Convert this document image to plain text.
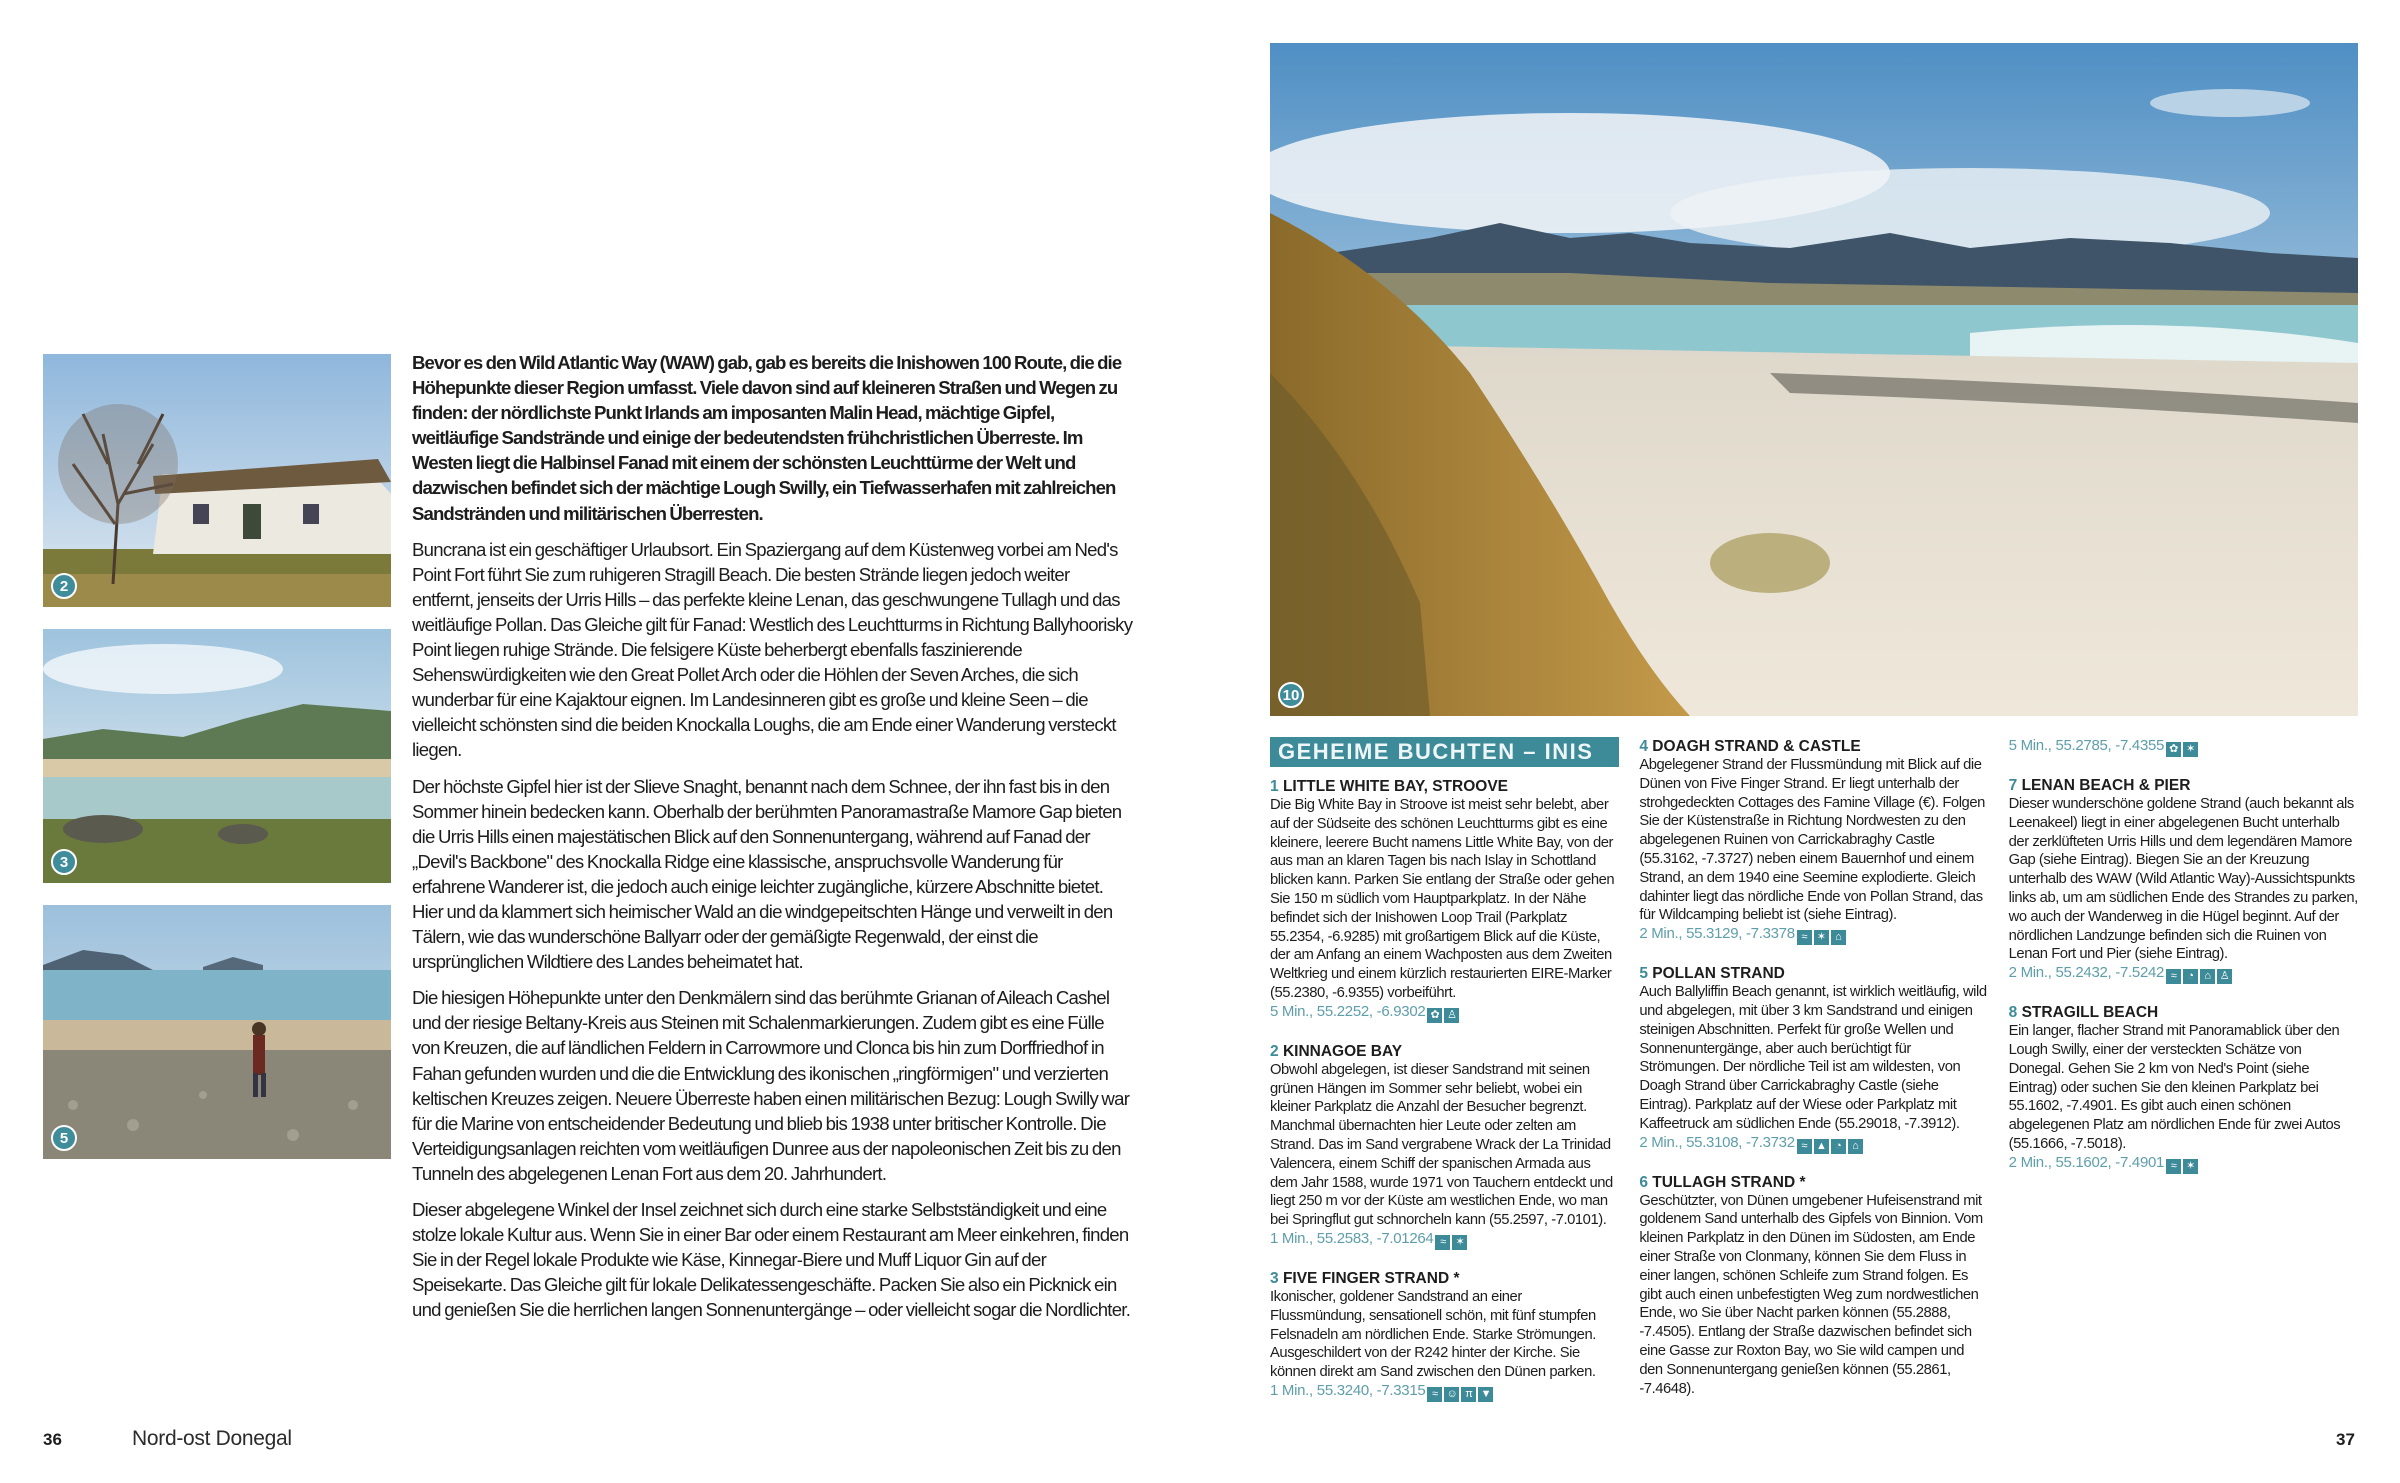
2
3
5

Bevor es den Wild Atlantic Way (WAW) gab, gab es bereits die Inishowen 100 Route, die die Höhepunkte dieser Region umfasst. Viele davon sind auf kleineren Straßen und Wegen zu finden: der nördlichste Punkt Irlands am imposanten Malin Head, mächtige Gipfel, weitläufige Sandstrände und einige der bedeutendsten frühchristlichen Überreste. Im Westen liegt die Halbinsel Fanad mit einem der schönsten Leuchttürme der Welt und dazwischen befindet sich der mächtige Lough Swilly, ein Tiefwasserhafen mit zahlreichen Sandstränden und militärischen Überresten.

Buncrana ist ein geschäftiger Urlaubsort. Ein Spaziergang auf dem Küstenweg vorbei am Ned's Point Fort führt Sie zum ruhigeren Stragill Beach. Die besten Strände liegen jedoch weiter entfernt, jenseits der Urris Hills – das perfekte kleine Lenan, das geschwungene Tullagh und das weitläufige Pollan. Das Gleiche gilt für Fanad: Westlich des Leuchtturms in Richtung Ballyhoorisky Point liegen ruhige Strände. Die felsigere Küste beherbergt ebenfalls faszinierende Sehenswürdigkeiten wie den Great Pollet Arch oder die Höhlen der Seven Arches, die sich wunderbar für eine Kajaktour eignen. Im Landesinneren gibt es große und kleine Seen – die vielleicht schönsten sind die beiden Knockalla Loughs, die am Ende einer Wanderung versteckt liegen.

Der höchste Gipfel hier ist der Slieve Snaght, benannt nach dem Schnee, der ihn fast bis in den Sommer hinein bedecken kann. Oberhalb der berühmten Panoramastraße Mamore Gap bieten die Urris Hills einen majestätischen Blick auf den Sonnenuntergang, während auf Fanad der „Devil's Backbone" des Knockalla Ridge eine klassische, anspruchsvolle Wanderung für erfahrene Wanderer ist, die jedoch auch einige leichter zugängliche, kürzere Abschnitte bietet. Hier und da klammert sich heimischer Wald an die windgepeitschten Hänge und verweilt in den Tälern, wie das wunderschöne Ballyarr oder der gemäßigte Regenwald, der einst die ursprünglichen Wildtiere des Landes beheimatet hat.

Die hiesigen Höhepunkte unter den Denkmälern sind das berühmte Grianan of Aileach Cashel und der riesige Beltany-Kreis aus Steinen mit Schalenmarkierungen. Zudem gibt es eine Fülle von Kreuzen, die auf ländlichen Feldern in Carrowmore und Clonca bis hin zum Dorffriedhof in Fahan gefunden wurden und die die Entwicklung des ikonischen „ringförmigen" und verzierten keltischen Kreuzes zeigen. Neuere Überreste haben einen militärischen Bezug: Lough Swilly war für die Marine von entscheidender Bedeutung und blieb bis 1938 unter britischer Kontrolle. Die Verteidigungsanlagen reichten vom weitläufigen Dunree aus der napoleonischen Zeit bis zu den Tunneln des abgelegenen Lenan Fort aus dem 20. Jahrhundert.

Dieser abgelegene Winkel der Insel zeichnet sich durch eine starke Selbstständigkeit und eine stolze lokale Kultur aus. Wenn Sie in einer Bar oder einem Restaurant am Meer einkehren, finden Sie in der Regel lokale Produkte wie Käse, Kinnegar-Biere und Muff Liquor Gin auf der Speisekarte. Das Gleiche gilt für lokale Delikatessengeschäfte. Packen Sie also ein Picknick ein und genießen Sie die herrlichen langen Sonnenuntergänge – oder vielleicht sogar die Nordlichter.

10
GEHEIME BUCHTEN – INIS
1 LITTLE WHITE BAY, STROOVE

Die Big White Bay in Stroove ist meist sehr belebt, aber auf der Südseite des schönen Leuchtturms gibt es eine kleinere, leerere Bucht namens Little White Bay, von der aus man an klaren Tagen bis nach Islay in Schottland blicken kann. Parken Sie entlang der Straße oder gehen Sie 150 m südlich vom Hauptparkplatz. In der Nähe befindet sich der Inishowen Loop Trail (Parkplatz 55.2354, -6.9285) mit großartigem Blick auf die Küste, der am Anfang an einem Wachposten aus dem Zweiten Weltkrieg und einem kürzlich restaurierten EIRE-Marker (55.2380, -6.9355) vorbeiführt.

5 Min., 55.2252, -6.9302 ✿ ♙
2 KINNAGOE BAY

Obwohl abgelegen, ist dieser Sandstrand mit seinen grünen Hängen im Sommer sehr beliebt, wobei ein kleiner Parkplatz die Anzahl der Besucher begrenzt. Manchmal übernachten hier Leute oder zelten am Strand. Das im Sand vergrabene Wrack der La Trinidad Valencera, einem Schiff der spanischen Armada aus dem Jahr 1588, wurde 1971 von Tauchern entdeckt und liegt 250 m vor der Küste am westlichen Ende, wo man bei Springflut gut schnorcheln kann (55.2597, -7.0101).

1 Min., 55.2583, -7.01264 ≈ ✶
3 FIVE FINGER STRAND *

Ikonischer, goldener Sandstrand an einer Flussmündung, sensationell schön, mit fünf stumpfen Felsnadeln am nördlichen Ende. Starke Strömungen. Ausgeschildert von der R242 hinter der Kirche. Sie können direkt am Sand zwischen den Dünen parken.

1 Min., 55.3240, -7.3315 ≈ ☺ π ▼
4 DOAGH STRAND & CASTLE

Abgelegener Strand der Flussmündung mit Blick auf die Dünen von Five Finger Strand. Er liegt unterhalb der strohgedeckten Cottages des Famine Village (€). Folgen Sie der Küstenstraße in Richtung Nordwesten zu den abgelegenen Ruinen von Carrickabraghy Castle (55.3162, -7.3727) neben einem Bauernhof und einem Strand, an dem 1940 eine Seemine explodierte. Gleich dahinter liegt das nördliche Ende von Pollan Strand, das für Wildcamping beliebt ist (siehe Eintrag).

2 Min., 55.3129, -7.3378 ≈ ✶ ⌂
5 POLLAN STRAND

Auch Ballyliffin Beach genannt, ist wirklich weitläufig, wild und abgelegen, mit über 3 km Sandstrand und einigen steinigen Abschnitten. Perfekt für große Wellen und Sonnenuntergänge, aber auch berüchtigt für Strömungen. Der nördliche Teil ist am wildesten, von Doagh Strand über Carrickabraghy Castle (siehe Eintrag). Parkplatz auf der Wiese oder Parkplatz mit Kaffeetruck am südlichen Ende (55.29018, -7.3912).

2 Min., 55.3108, -7.3732 ≈ ▲ ◔ ⌂
6 TULLAGH STRAND *

Geschützter, von Dünen umgebener Hufeisenstrand mit goldenem Sand unterhalb des Gipfels von Binnion. Vom kleinen Parkplatz in den Dünen im Südosten, am Ende einer Straße von Clonmany, können Sie dem Fluss in einer langen, schönen Schleife zum Strand folgen. Es gibt auch einen unbefestigten Weg zum nordwestlichen Ende, wo Sie über Nacht parken können (55.2888, -7.4505). Entlang der Straße dazwischen befindet sich eine Gasse zur Roxton Bay, wo Sie wild campen und den Sonnenuntergang genießen können (55.2861, -7.4648).

5 Min., 55.2785, -7.4355 ✿ ✶
7 LENAN BEACH & PIER

Dieser wunderschöne goldene Strand (auch bekannt als Leenakeel) liegt in einer abgelegenen Bucht unterhalb der zerklüfteten Urris Hills und dem legendären Mamore Gap (siehe Eintrag). Biegen Sie an der Kreuzung unterhalb des WAW (Wild Atlantic Way)-Aussichtspunkts links ab, um am südlichen Ende des Strandes zu parken, wo auch der Wanderweg in die Hügel beginnt. Auf der nördlichen Landzunge befinden sich die Ruinen von Lenan Fort und Pier (siehe Eintrag).

2 Min., 55.2432, -7.5242 ≈ ◔ ⌂ ♙
8 STRAGILL BEACH

Ein langer, flacher Strand mit Panoramablick über den Lough Swilly, einer der versteckten Schätze von Donegal. Gehen Sie 2 km von Ned's Point (siehe Eintrag) oder suchen Sie den kleinen Parkplatz bei 55.1602, -7.4901. Es gibt auch einen schönen abgelegenen Platz am nördlichen Ende für zwei Autos (55.1666, -7.5018).

2 Min., 55.1602, -7.4901 ≈ ✶
36	Nord-ost Donegal	37
